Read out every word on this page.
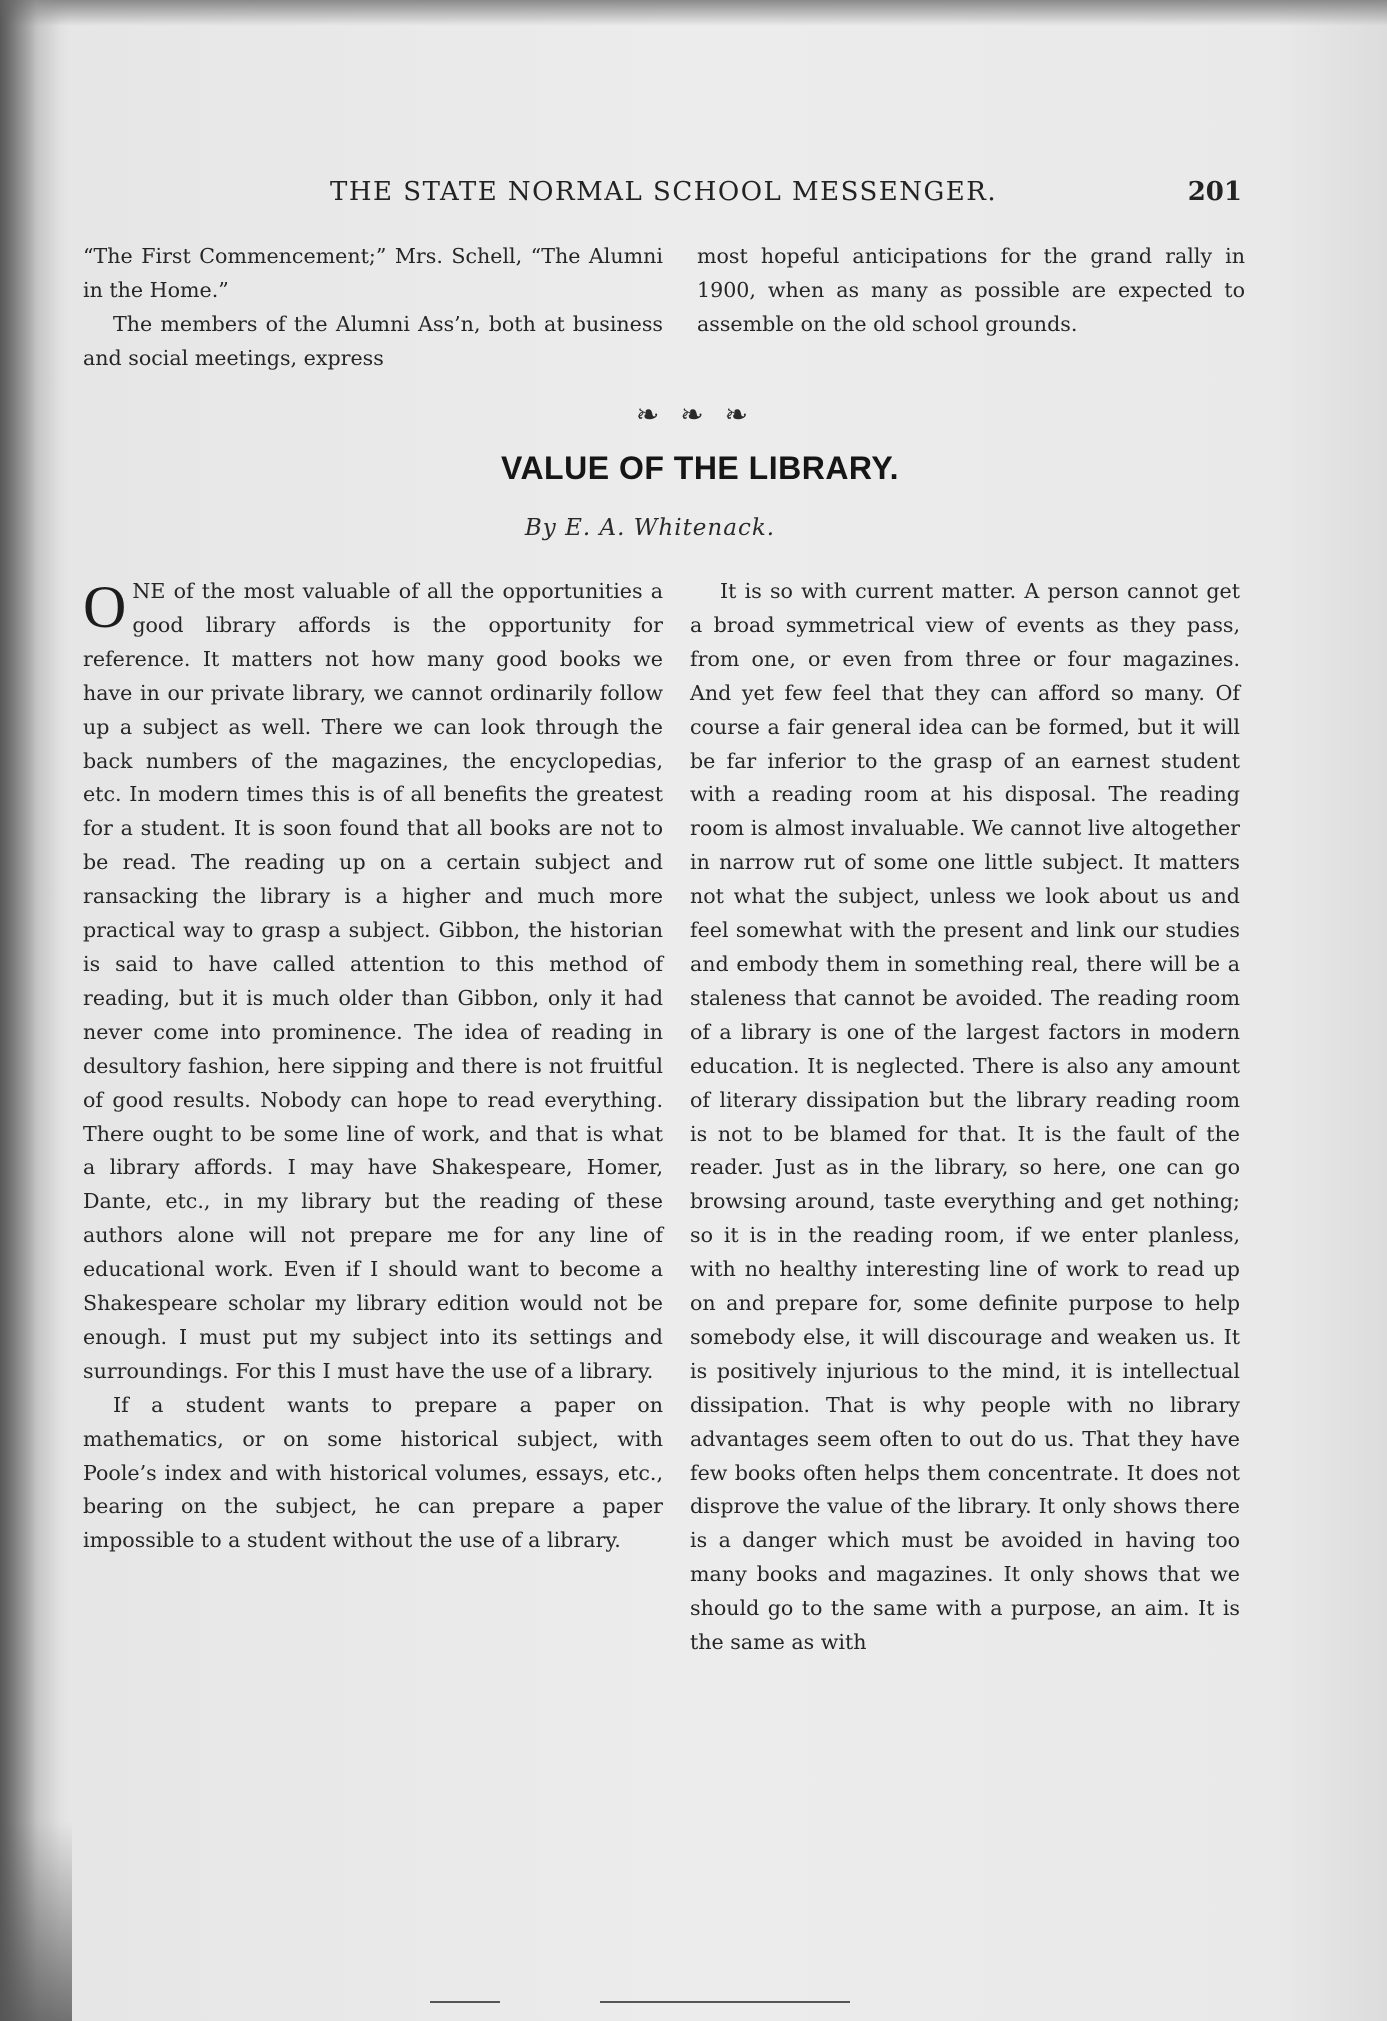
THE STATE NORMAL SCHOOL MESSENGER.	201

“The First Commencement;” Mrs. Schell, “The Alumni in the Home.”

The members of the Alumni Ass’n, both at business and social meetings, express

most hopeful anticipations for the grand rally in 1900, when as many as possible are expected to assemble on the old school grounds.

❧ ❧ ❧
VALUE OF THE LIBRARY.
By E. A. Whitenack.

ONE of the most valuable of all the opportunities a good library affords is the opportunity for reference. It matters not how many good books we have in our private library, we cannot ordinarily follow up a subject as well. There we can look through the back numbers of the magazines, the encyclopedias, etc. In modern times this is of all benefits the greatest for a student. It is soon found that all books are not to be read. The reading up on a certain subject and ransacking the library is a higher and much more practical way to grasp a subject. Gibbon, the historian is said to have called attention to this method of reading, but it is much older than Gibbon, only it had never come into prominence. The idea of reading in desultory fashion, here sipping and there is not fruitful of good results. Nobody can hope to read everything. There ought to be some line of work, and that is what a library affords. I may have Shakespeare, Homer, Dante, etc., in my library but the reading of these authors alone will not prepare me for any line of educational work. Even if I should want to become a Shakespeare scholar my library edition would not be enough. I must put my subject into its settings and surroundings. For this I must have the use of a library.

If a student wants to prepare a paper on mathematics, or on some historical subject, with Poole’s index and with historical volumes, essays, etc., bearing on the subject, he can prepare a paper impossible to a student without the use of a library.

It is so with current matter. A person cannot get a broad symmetrical view of events as they pass, from one, or even from three or four magazines. And yet few feel that they can afford so many. Of course a fair general idea can be formed, but it will be far inferior to the grasp of an earnest student with a reading room at his disposal. The reading room is almost invaluable. We cannot live altogether in narrow rut of some one little subject. It matters not what the subject, unless we look about us and feel somewhat with the present and link our studies and embody them in something real, there will be a staleness that cannot be avoided. The reading room of a library is one of the largest factors in modern education. It is neglected. There is also any amount of literary dissipation but the library reading room is not to be blamed for that. It is the fault of the reader. Just as in the library, so here, one can go browsing around, taste everything and get nothing; so it is in the reading room, if we enter planless, with no healthy interesting line of work to read up on and prepare for, some definite purpose to help somebody else, it will discourage and weaken us. It is positively injurious to the mind, it is intellectual dissipation. That is why people with no library advantages seem often to out do us. That they have few books often helps them concentrate. It does not disprove the value of the library. It only shows there is a danger which must be avoided in having too many books and magazines. It only shows that we should go to the same with a purpose, an aim. It is the same as with
